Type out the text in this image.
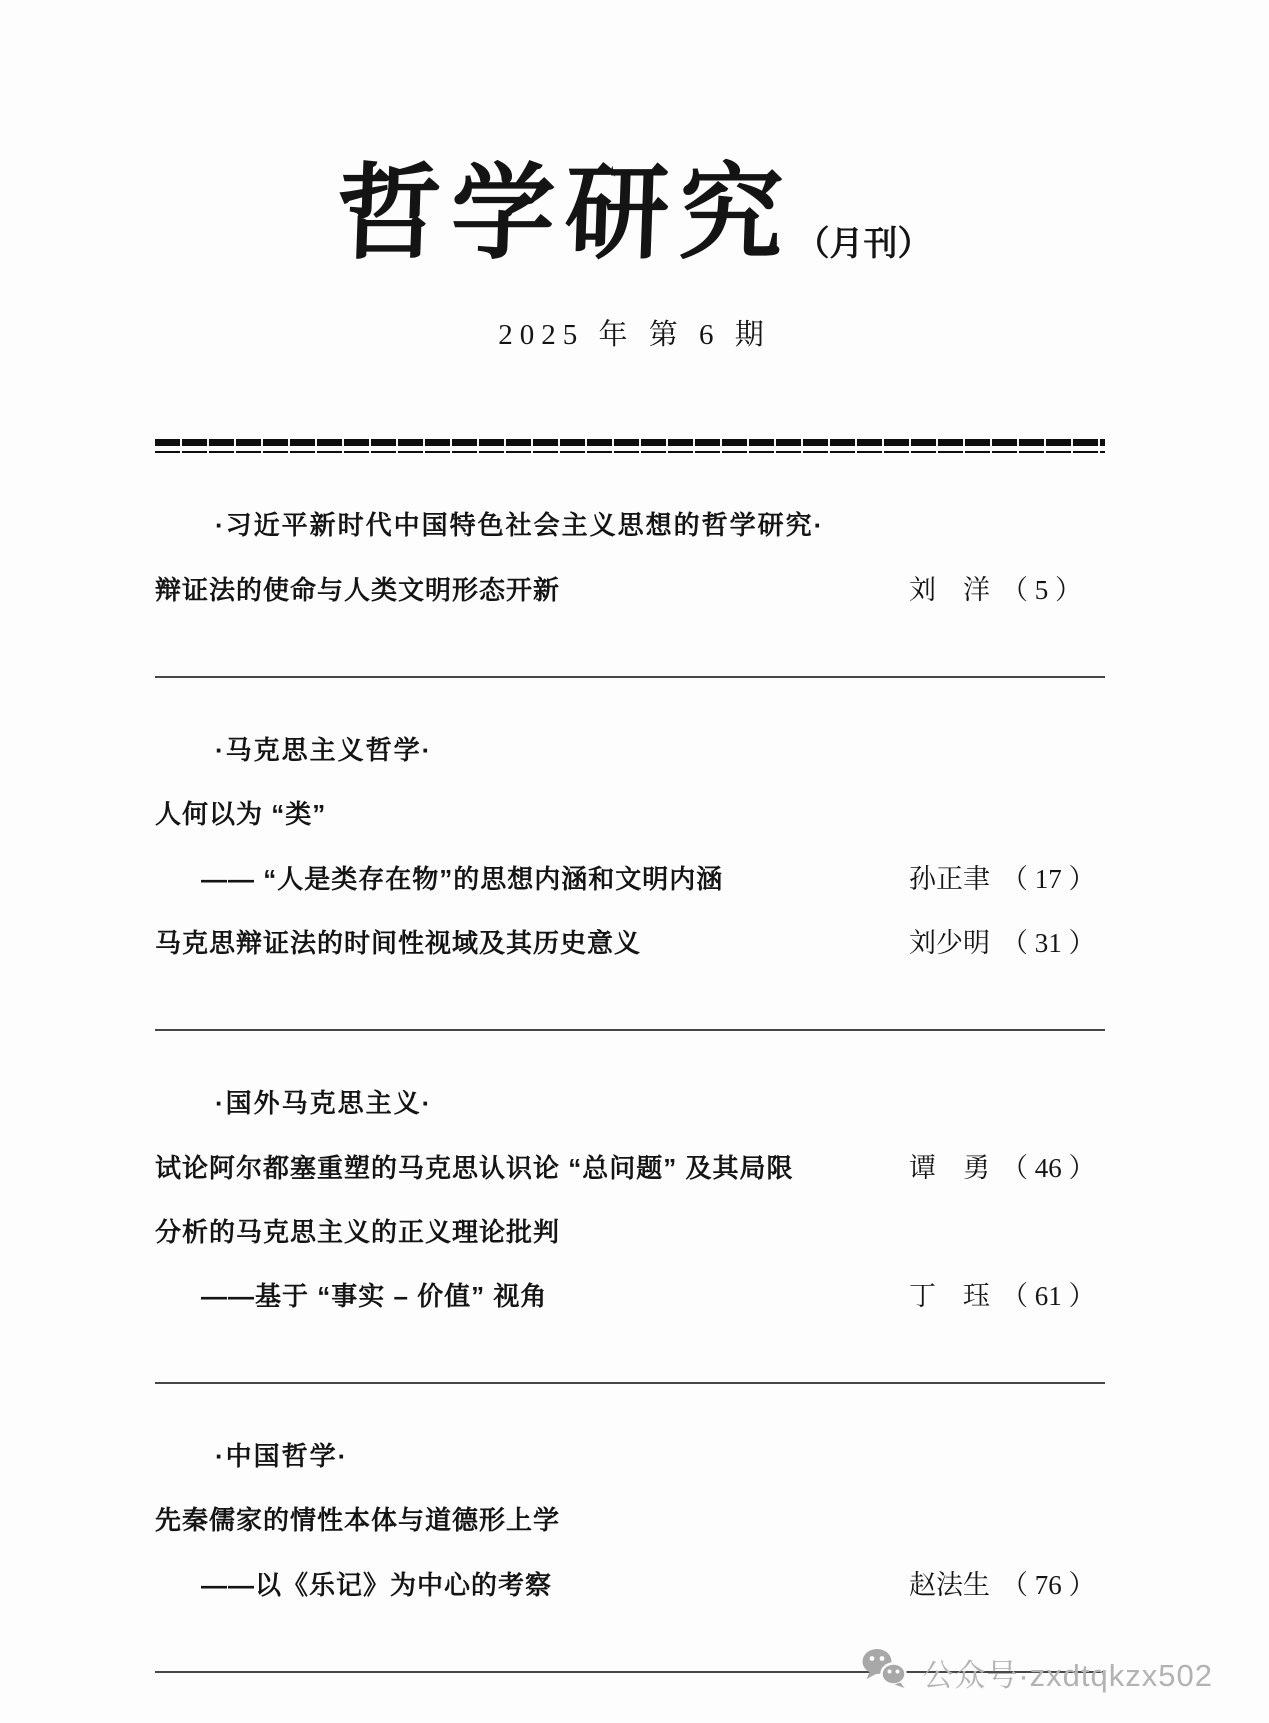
哲学研究（月刊）
2025 年 第 6 期
·习近平新时代中国特色社会主义思想的哲学研究·
辩证法的使命与人类文明形态开新	刘　洋 （ 5 ）
·马克思主义哲学·
人何以为 “类”
—— “人是类存在物”的思想内涵和文明内涵	孙正聿 （ 17 ）
马克思辩证法的时间性视域及其历史意义	刘少明 （ 31 ）
·国外马克思主义·
试论阿尔都塞重塑的马克思认识论 “总问题” 及其局限	谭　勇 （ 46 ）
分析的马克思主义的正义理论批判
——基于 “事实 – 价值” 视角	丁　珏 （ 61 ）
·中国哲学·
先秦儒家的情性本体与道德形上学
——以《乐记》为中心的考察	赵法生 （ 76 ）
公众号·zxdtqkzx502
